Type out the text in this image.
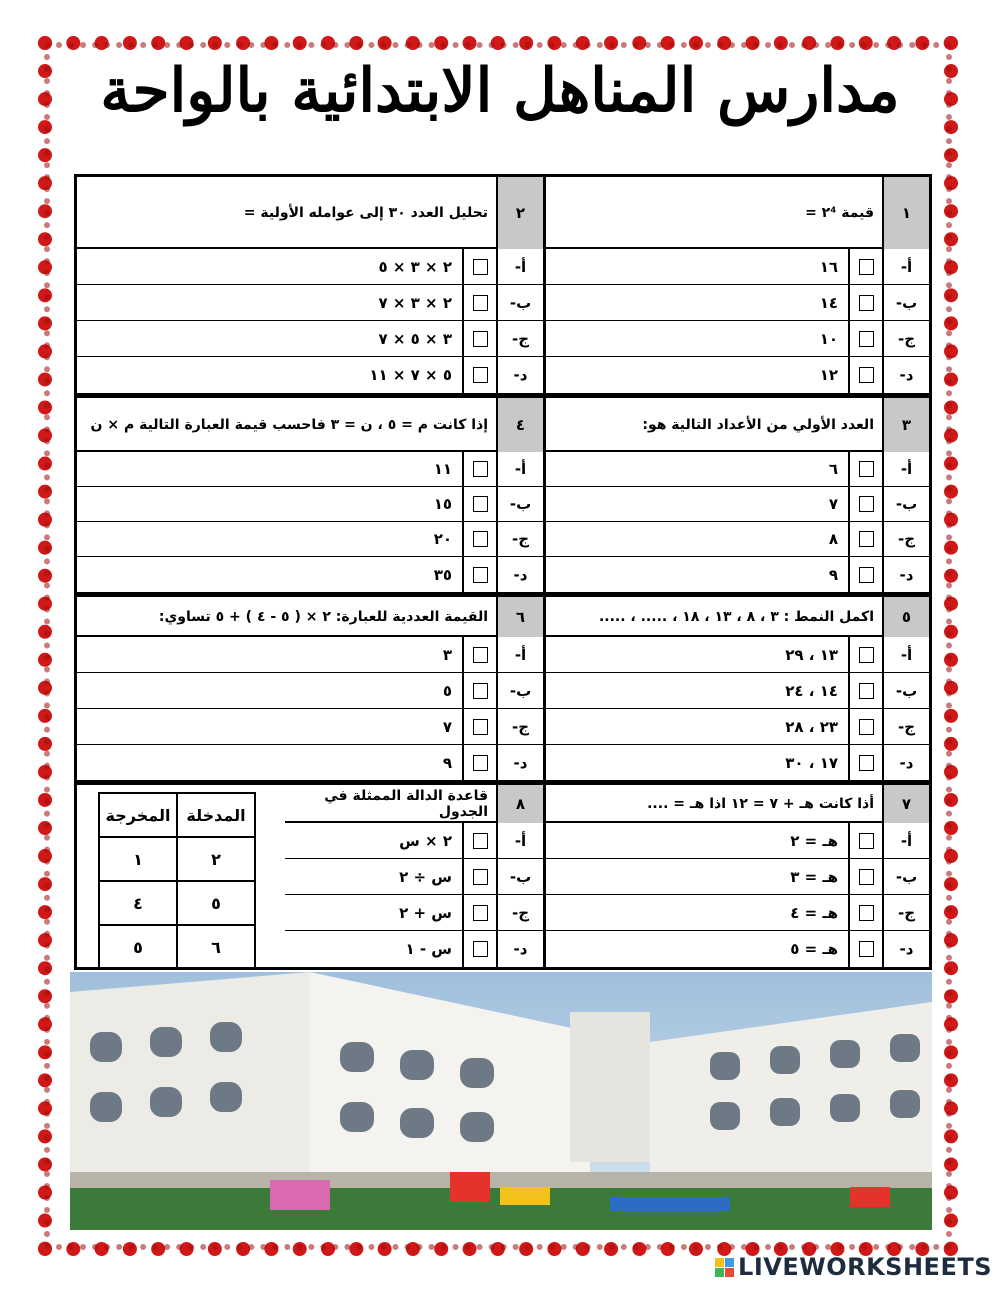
مدارس المناهل الابتدائية بالواحة
١
قيمة ٢⁴ =
أ-
١٦
ب-
١٤
ج-
١٠
د-
١٢
٢
تحليل العدد ٣٠ إلى عوامله الأولية =
أ-
٢ × ٣ × ٥
ب-
٢ × ٣ × ٧
ج-
٣ × ٥ × ٧
د-
٥ × ٧ × ١١
٣
العدد الأولي من الأعداد التالية هو:
أ-
٦
ب-
٧
ج-
٨
د-
٩
٤
إذا كانت م = ٥ ، ن = ٣ فاحسب قيمة العبارة التالية م × ن
أ-
١١
ب-
١٥
ج-
٢٠
د-
٣٥
٥
اكمل النمط : ٣ ، ٨ ، ١٣ ، ١٨ ، ..... ، .....
أ-
١٣ ، ٢٩
ب-
١٤ ، ٢٤
ج-
٢٣ ، ٢٨
د-
١٧ ، ٣٠
٦
القيمة العددية للعبارة: ٢ × ( ٥ - ٤ ) + ٥ تساوي:
أ-
٣
ب-
٥
ج-
٧
د-
٩
٧
أذا كانت هـ + ٧ = ١٢ اذا هـ = ....
أ-
هـ = ٢
ب-
هـ = ٣
ج-
هـ = ٤
د-
هـ = ٥
٨
قاعدة الدالة الممثلة في الجدول
أ-
٢ × س
ب-
س ÷ ٢
ج-
س + ٢
د-
س - ١
المدخلة	المخرجة
٢	١
٥	٤
٦	٥
LIVEWORKSHEETS
